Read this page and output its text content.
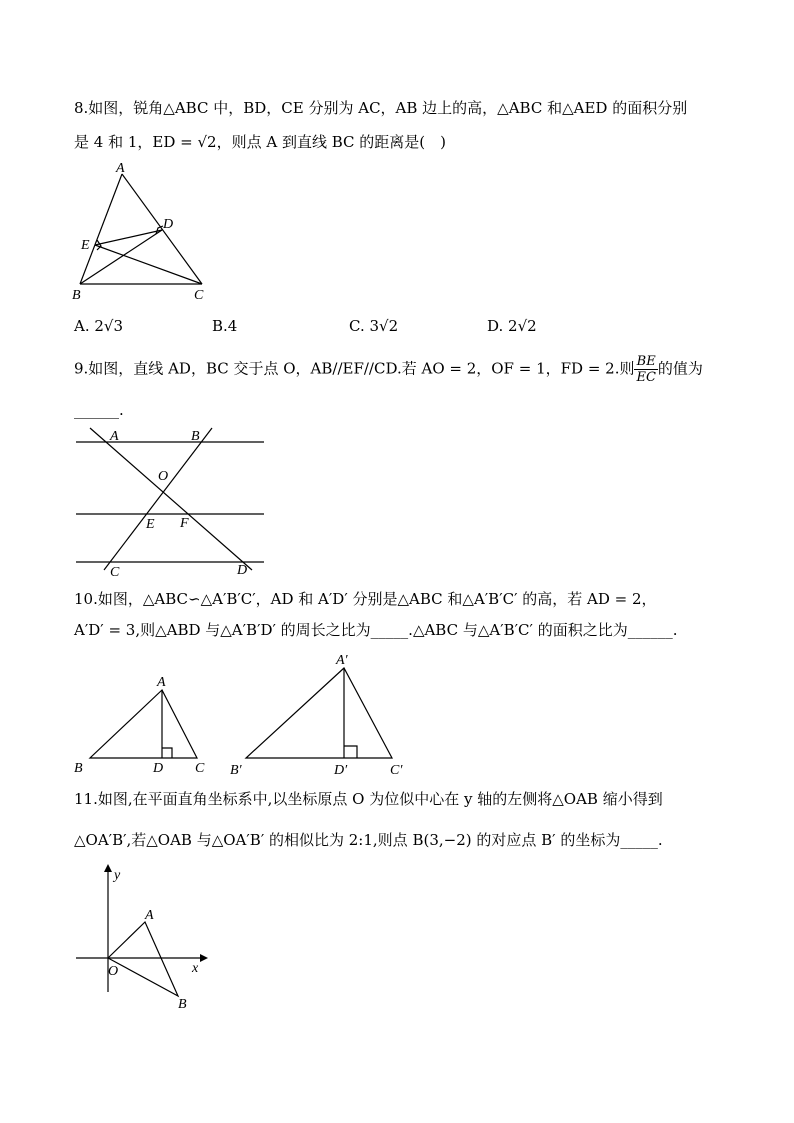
8.如图，锐角△ABC 中，BD，CE 分别为 AC，AB 边上的高，△ABC 和△AED 的面积分别
是 4 和 1，ED = √2，则点 A 到直线 BC 的距离是(　)
A
B	C
D
E
A. 2√3	B.4	C. 3√2	D. 2√2
9.如图，直线 AD，BC 交于点 O，AB//EF//CD.若 AO = 2，OF = 1，FD = 2.则 $\frac{BE}{EC}$ 的值为
______.
A	B
O
E F
C	D
10.如图，△ABC∽△A′B′C′，AD 和 A′D′ 分别是△ABC 和△A′B′C′ 的高，若 AD = 2，
A′D′ = 3,则△ABD 与△A′B′D′ 的周长之比为_____.△ABC 与△A′B′C′ 的面积之比为______.
A
B	D C
A′
B′	D′	C′
11.如图,在平面直角坐标系中,以坐标原点 O 为位似中心在 y 轴的左侧将△OAB 缩小得到
△OA′B′,若△OAB 与△OA′B′ 的相似比为 2:1,则点 B(3,−2) 的对应点 B′ 的坐标为_____.
y
x
O
A
B
